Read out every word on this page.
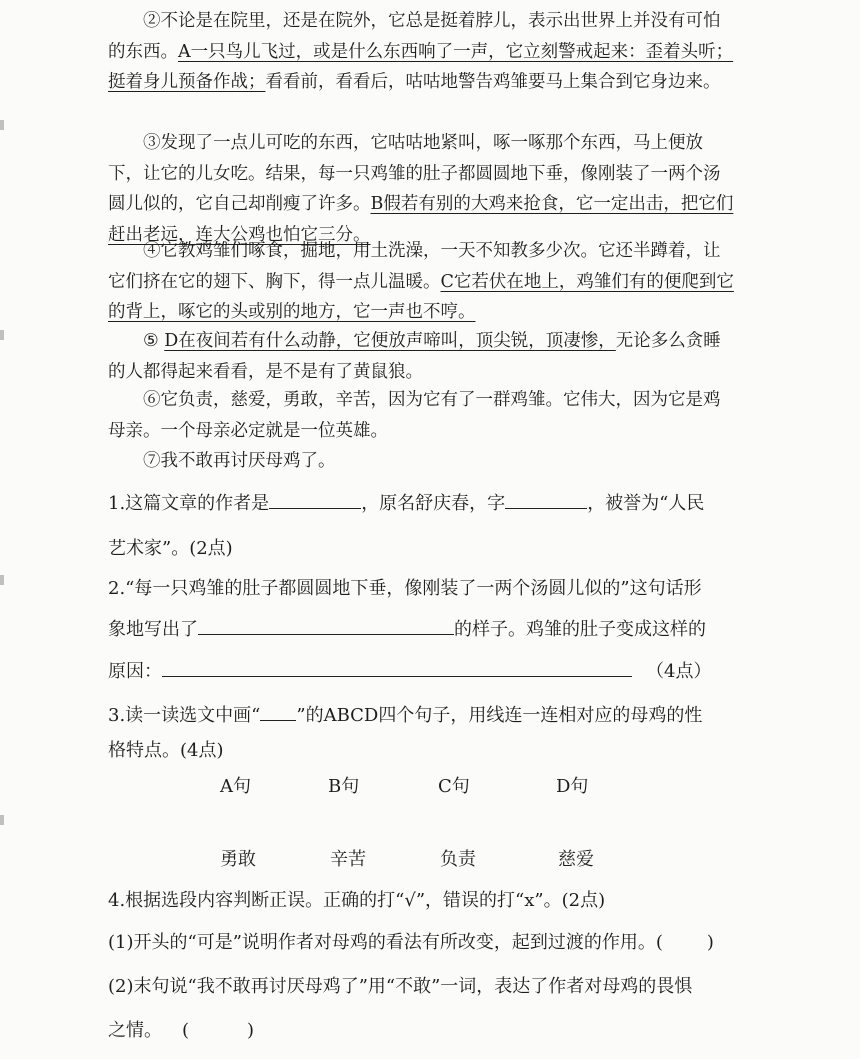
②不论是在院里，还是在院外，它总是挺着脖儿，表示出世界上并没有可怕的东西。A一只鸟儿飞过，或是什么东西响了一声，它立刻警戒起来：歪着头听；挺着身儿预备作战；看看前，看看后，咕咕地警告鸡雏要马上集合到它身边来。

③发现了一点儿可吃的东西，它咕咕地紧叫，啄一啄那个东西，马上便放下，让它的儿女吃。结果，每一只鸡雏的肚子都圆圆地下垂，像刚装了一两个汤圆儿似的，它自己却削瘦了许多。B假若有别的大鸡来抢食，它一定出击，把它们赶出老远，连大公鸡也怕它三分。

④它教鸡雏们啄食，掘地，用土洗澡，一天不知教多少次。它还半蹲着，让它们挤在它的翅下、胸下，得一点儿温暖。C它若伏在地上，鸡雏们有的便爬到它的背上，啄它的头或别的地方，它一声也不哼。

⑤ D在夜间若有什么动静，它便放声啼叫，顶尖锐，顶凄惨，无论多么贪睡的人都得起来看看，是不是有了黄鼠狼。

⑥它负责，慈爱，勇敢，辛苦，因为它有了一群鸡雏。它伟大，因为它是鸡母亲。一个母亲必定就是一位英雄。

⑦我不敢再讨厌母鸡了。

1.这篇文章的作者是	，原名舒庆春，字	，被誉为“人民

艺术家”。(2点)

2.“每一只鸡雏的肚子都圆圆地下垂，像刚装了一两个汤圆儿似的”这句话形

象地写出了	的样子。鸡雏的肚子变成这样的

原因：	（4点）

3.读一读选文中画“ ”的ABCD四个句子，用线连一连相对应的母鸡的性

格特点。(4点)

A句	B句	C句	D句
勇敢	辛苦	负责	慈爱

4.根据选段内容判断正误。正确的打“√”，错误的打“x”。(2点)

(1)开头的“可是”说明作者对母鸡的看法有所改变，起到过渡的作用。( )

(2)末句说“我不敢再讨厌母鸡了”用“不敢”一词，表达了作者对母鸡的畏惧

之情。 (	)
